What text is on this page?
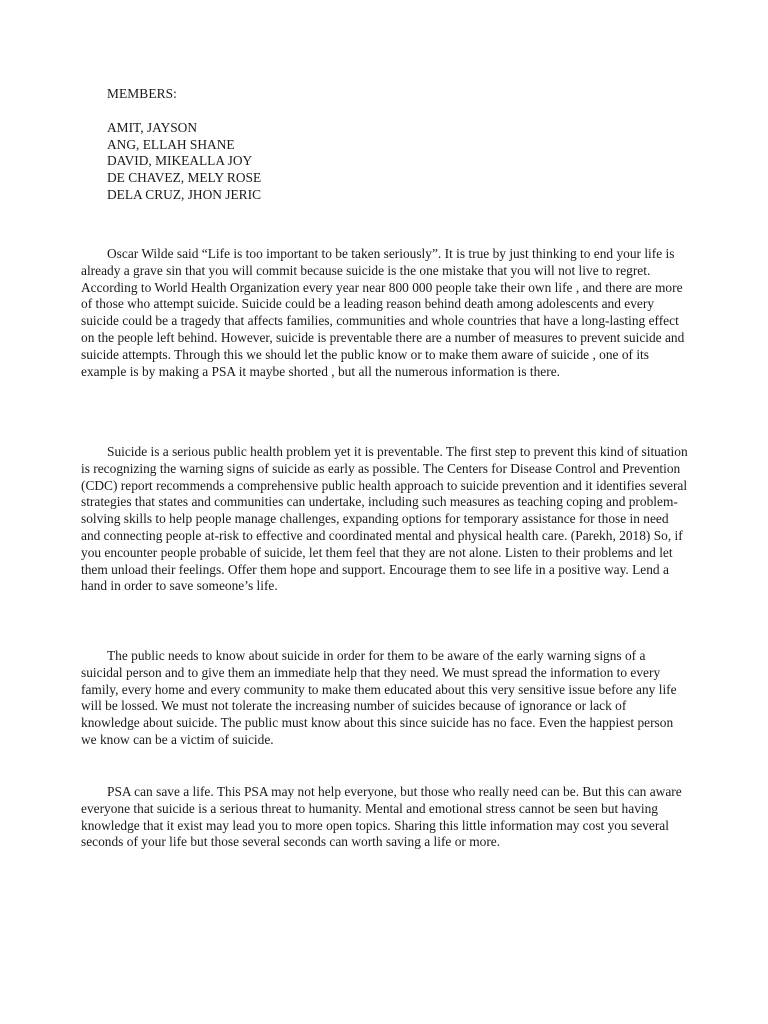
MEMBERS:

AMIT, JAYSON
ANG, ELLAH SHANE
DAVID, MIKEALLA JOY
DE CHAVEZ, MELY ROSE
DELA CRUZ, JHON JERIC

Oscar Wilde said “Life is too important to be taken seriously”. It is true by just thinking to end your life is already a grave sin that you will commit because suicide is the one mistake that you will not live to regret. According to World Health Organization every year near 800 000 people take their own life , and there are more of those who attempt suicide. Suicide could be a leading reason behind death among adolescents and every suicide could be a tragedy that affects families, communities and whole countries that have a long-lasting effect on the people left behind. However, suicide is preventable there are a number of measures to prevent suicide and suicide attempts. Through this we should let the public know or to make them aware of suicide , one of its example is by making a PSA it maybe shorted , but all the numerous information is there.

Suicide is a serious public health problem yet it is preventable. The first step to prevent this kind of situation is recognizing the warning signs of suicide as early as possible. The Centers for Disease Control and Prevention (CDC) report recommends a comprehensive public health approach to suicide prevention and it identifies several strategies that states and communities can undertake, including such measures as teaching coping and problem-solving skills to help people manage challenges, expanding options for temporary assistance for those in need and connecting people at-risk to effective and coordinated mental and physical health care. (Parekh, 2018) So, if you encounter people probable of suicide, let them feel that they are not alone. Listen to their problems and let them unload their feelings. Offer them hope and support. Encourage them to see life in a positive way. Lend a hand in order to save someone’s life.

The public needs to know about suicide in order for them to be aware of the early warning signs of a suicidal person and to give them an immediate help that they need. We must spread the information to every family, every home and every community to make them educated about this very sensitive issue before any life will be lossed. We must not tolerate the increasing number of suicides because of ignorance or lack of knowledge about suicide. The public must know about this since suicide has no face. Even the happiest person we know can be a victim of suicide.

PSA can save a life. This PSA may not help everyone, but those who really need can be. But this can aware everyone that suicide is a serious threat to humanity. Mental and emotional stress cannot be seen but having knowledge that it exist may lead you to more open topics. Sharing this little information may cost you several seconds of your life but those several seconds can worth saving a life or more.
